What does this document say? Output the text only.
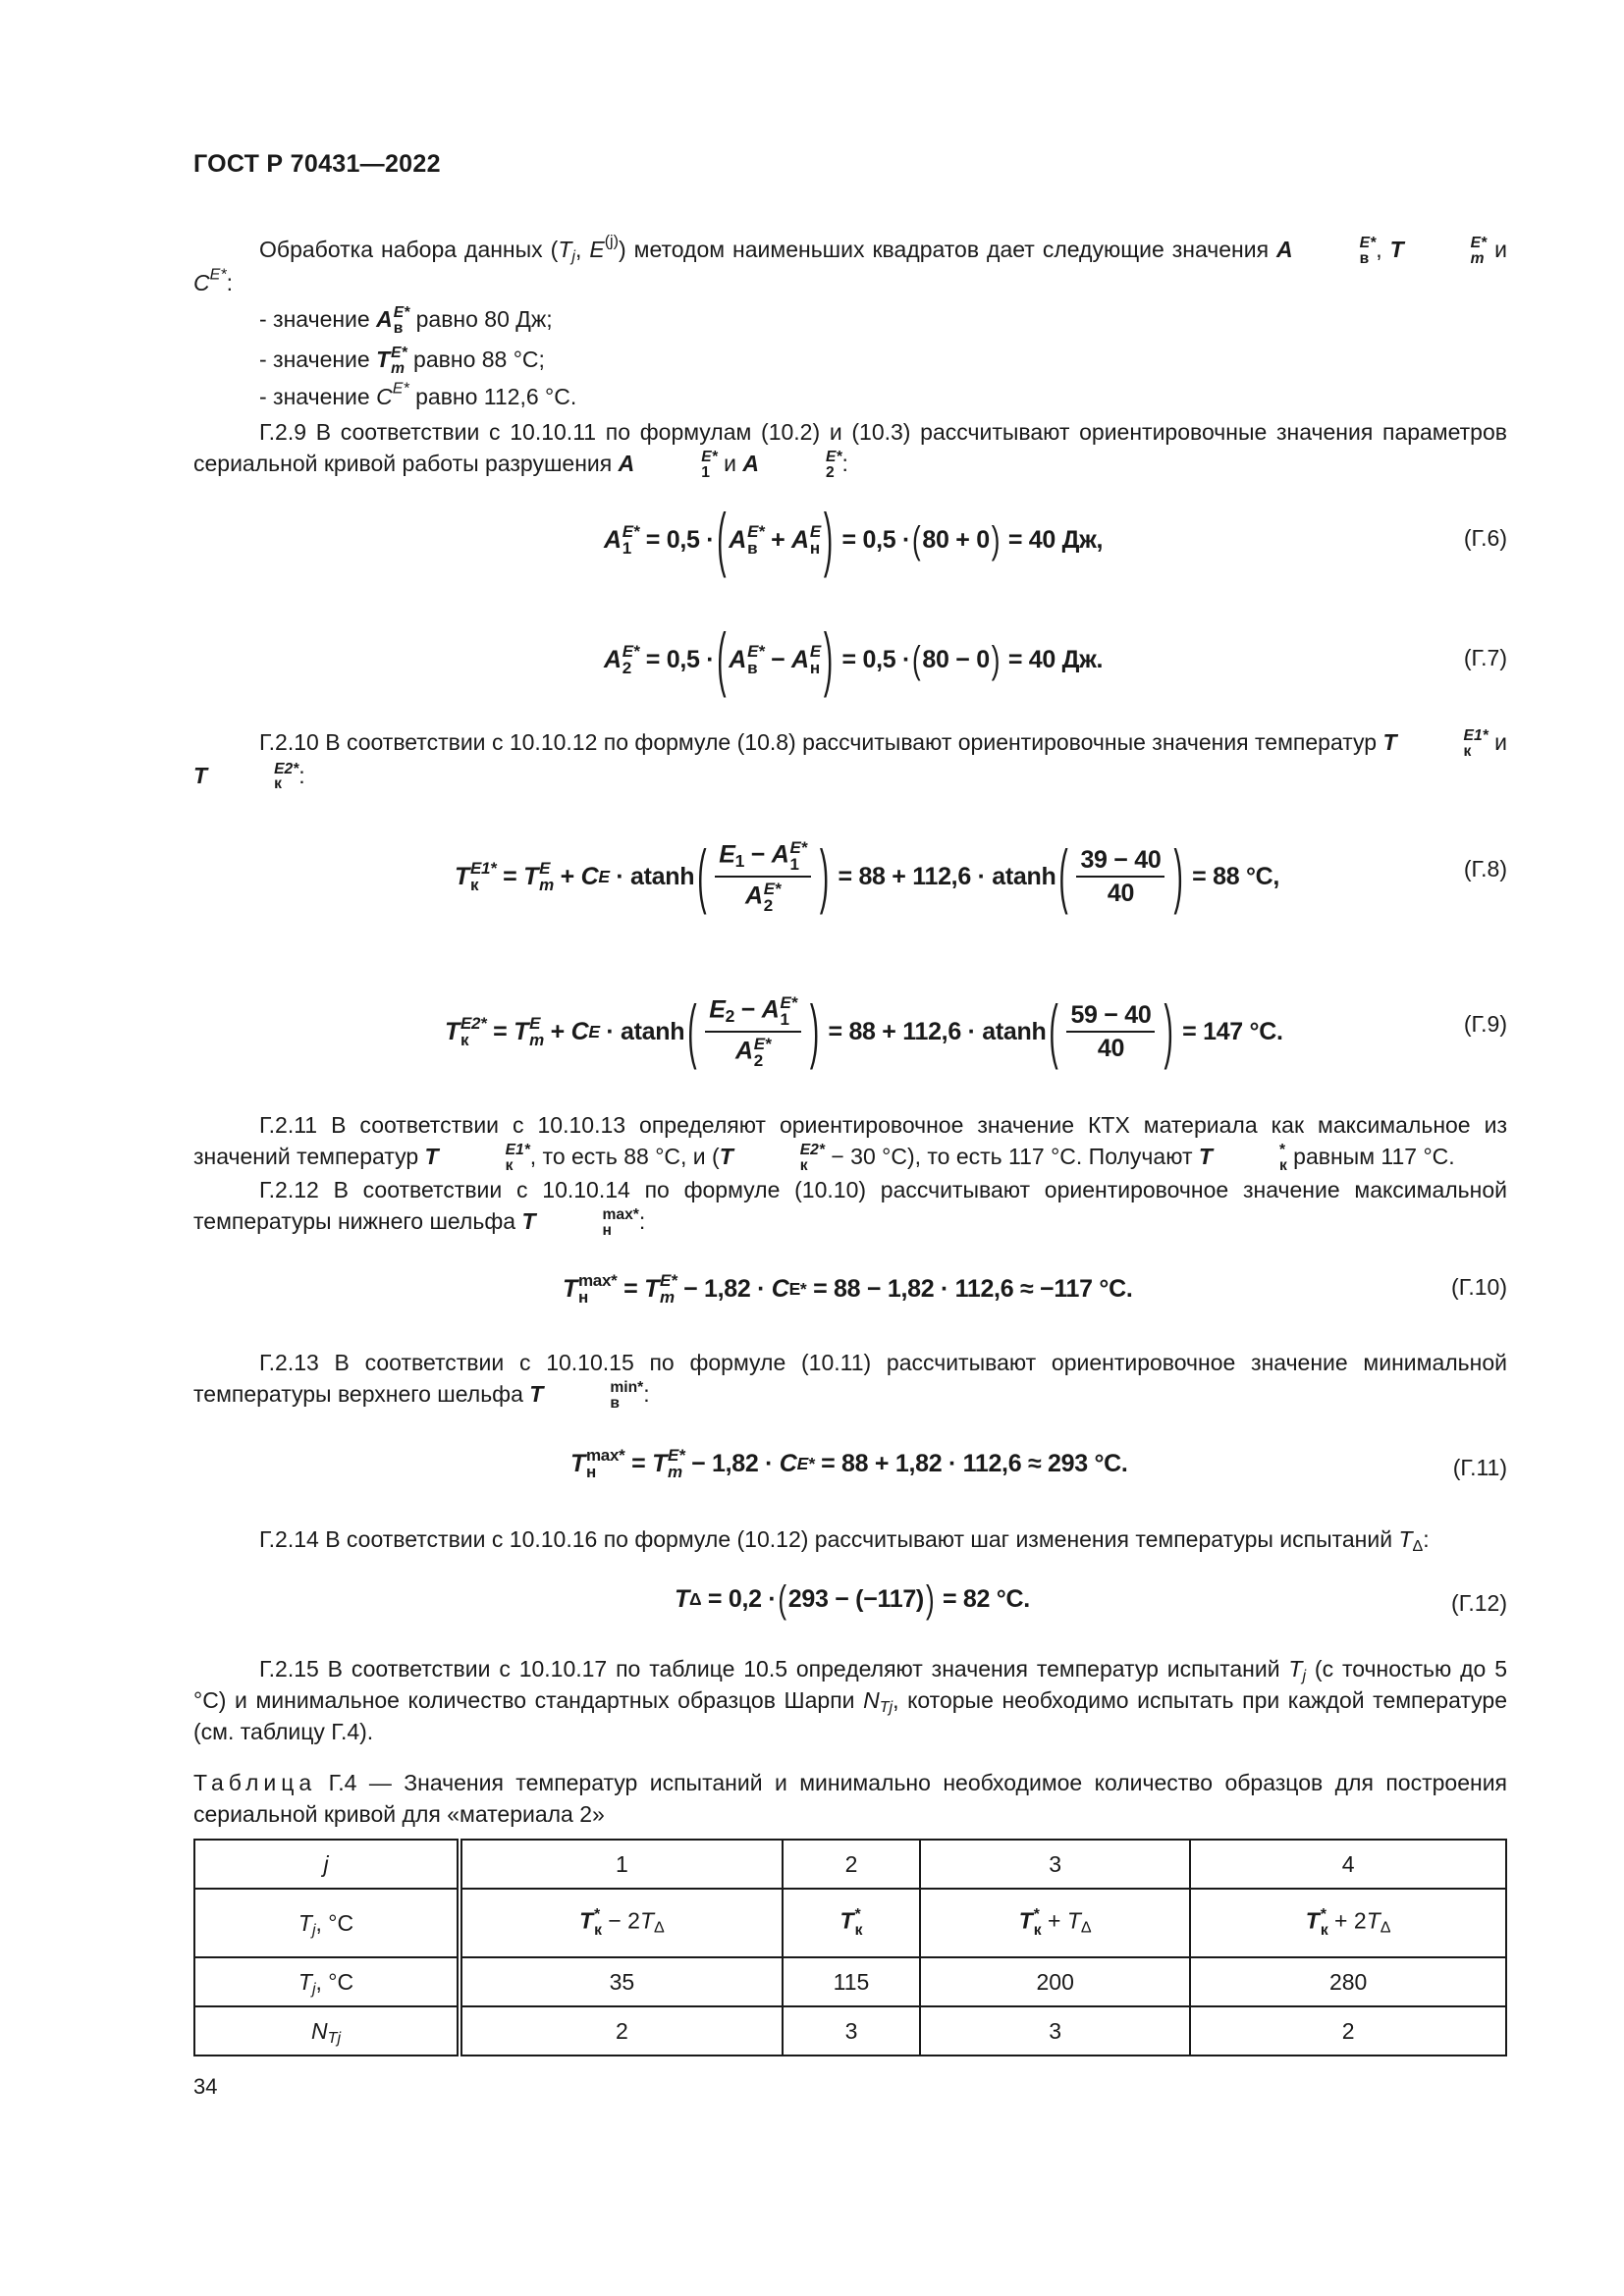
ГОСТ Р 70431—2022

Обработка набора данных ($T_j$, $E^{(j)}$) методом наименьших квадратов дает следующие значения A	E*
в , T	E*
m и $C^{E*}$:

- значение A E*
в равно 80 Дж;

- значение T E*
m равно 88 °С;

- значение $C^{E*}$ равно 112,6 °С.

Г.2.9 В соответствии с 10.10.11 по формулам (10.2) и (10.3) рассчитывают ориентировочные значения параметров сериальной кривой работы разрушения A	E*
1 и A	E*
2 :

A E*
1
= 0,5 · ( A E*
в
+
A E
н )
= 0,5 · ( 80 + 0 )
= 40 Дж,	(Г.6)
A E*
2
= 0,5 · ( A E*
в
−
A E
н )
= 0,5 · ( 80 − 0 )
= 40 Дж.	(Г.7)

Г.2.10 В соответствии с 10.10.12 по формуле (10.8) рассчитывают ориентировочные значения температур T	E1*
к и T	E2*
к :

T E1*
к
=
T E
m
+
C E
· atanh ( $E_1 - A$ E*
1
A E*
2 )
= 88 + 112,6 · atanh ( $\frac{39 - 40}{40}$ )
= 88 °С,	(Г.8)
T E2*
к
=
T E
m
+
C E
· atanh ( $E_2 - A$ E*
1
A E*
2 )
= 88 + 112,6 · atanh ( $\frac{59 - 40}{40}$ )
= 147 °С.	(Г.9)

Г.2.11 В соответствии с 10.10.13 определяют ориентировочное значение КТХ материала как максимальное из значений температур T	E1*
к , то есть 88 °С, и (T	E2*
к − 30 °С), то есть 117 °С. Получают T	*
к равным 117 °С.

Г.2.12 В соответствии с 10.10.14 по формуле (10.10) рассчитывают ориентировочное значение максимальной температуры нижнего шельфа T	max*
н	:

T max*
н
	=
T E*
m
− 1,82 ·
C E*
= 88 − 1,82 · 112,6 ≈ −117 °С.	(Г.10)

Г.2.13 В соответствии с 10.10.15 по формуле (10.11) рассчитывают ориентировочное значение минимальной температуры верхнего шельфа T	min*
в	:

T max*
н
	=
T E*
m
− 1,82 ·
C E*
= 88 + 1,82 · 112,6 ≈ 293 °С.	(Г.11)

Г.2.14 В соответствии с 10.10.16 по формуле (10.12) рассчитывают шаг изменения температуры испытаний $T_\Delta$:

T Δ
= 0,2 · ( 293 − (−117) )
= 82 °С.	(Г.12)

Г.2.15 В соответствии с 10.10.17 по таблице 10.5 определяют значения температур испытаний $T_j$ (с точностью до 5 °С) и минимальное количество стандартных образцов Шарпи $N_{Tj}$, которые необходимо испытать при каждой температуре (см. таблицу Г.4).

Таблица Г.4 — Значения температур испытаний и минимально необходимое количество образцов для построения сериальной кривой для «материала 2»

j	1	2	3	4
$T_j$, °С	T *
$к - 2T_\Delta$	T *
к	T *
$к + T_\Delta$	T *
$к + 2T_\Delta$
$T_j$, °С	35	115	200	280
$N_{Tj}$	2	3	3	2
34
